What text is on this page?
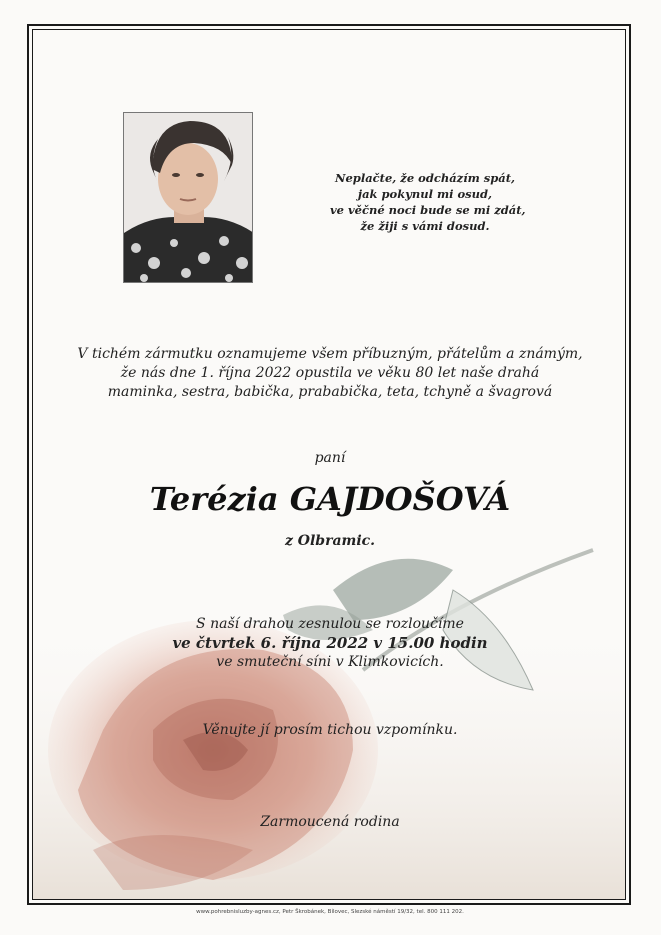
Neplačte, že odcházím spát,
jak pokynul mi osud,
ve věčné noci bude se mi zdát,
že žiji s vámi dosud.
V tichém zármutku oznamujeme všem příbuzným, přátelům a známým,
že nás dne 1. října 2022 opustila ve věku 80 let naše drahá
maminka, sestra, babička, prababička, teta, tchyně a švagrová
paní
Terézia GAJDOŠOVÁ
z Olbramic.
S naší drahou zesnulou se rozloučíme
ve čtvrtek 6. října 2022 v 15.00 hodin
ve smuteční síni v Klimkovicích.
Věnujte jí prosím tichou vzpomínku.
Zarmoucená rodina
www.pohrebnisluzby-agnes.cz, Petr Škrobánek, Bílovec, Slezské náměstí 19/32, tel. 800 111 202.
